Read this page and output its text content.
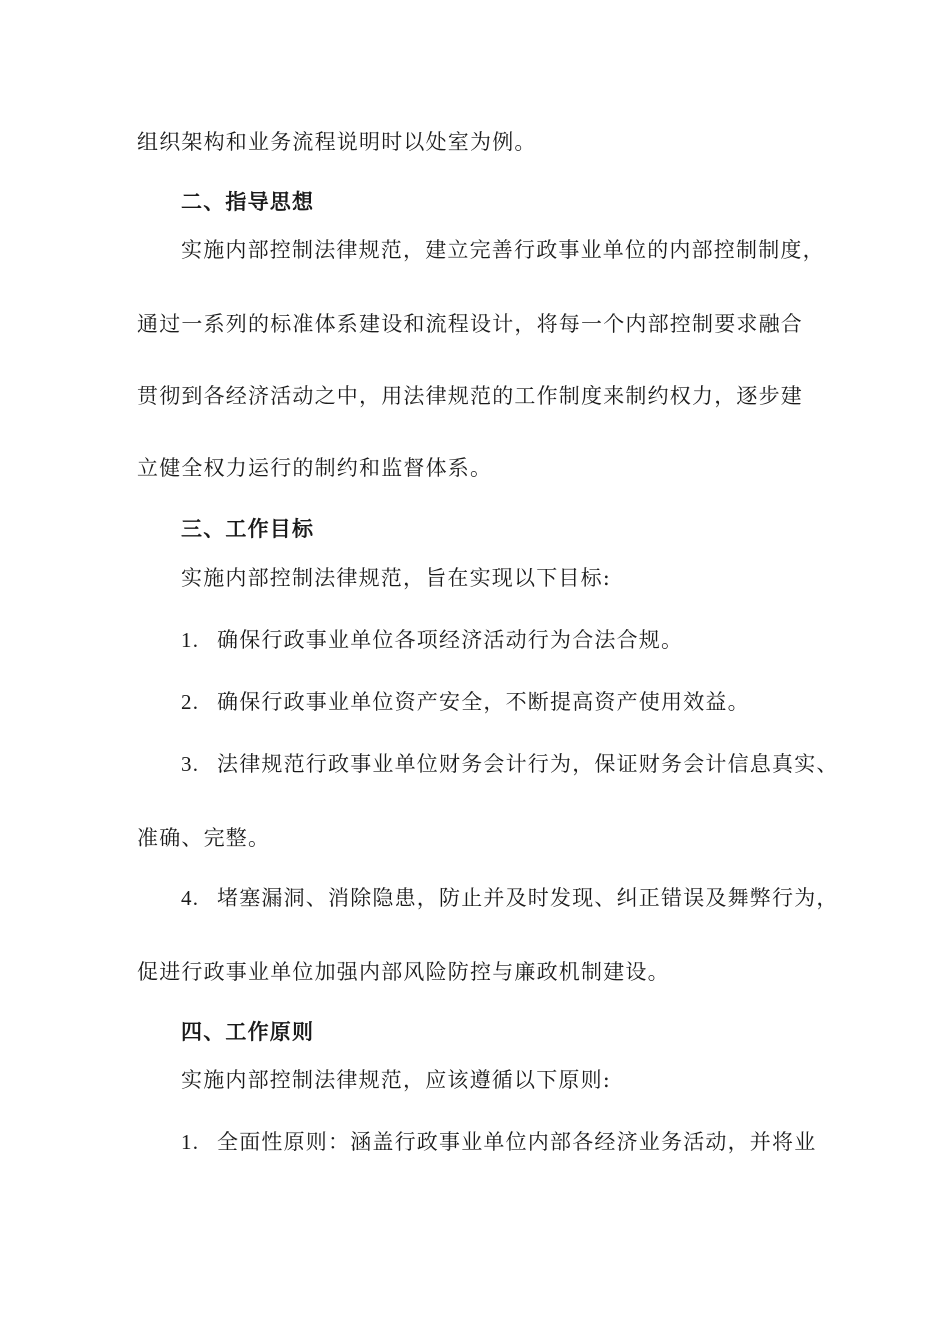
组织架构和业务流程说明时以处室为例。
二、指导思想
实施内部控制法律规范，建立完善行政事业单位的内部控制制度，
通过一系列的标准体系建设和流程设计，将每一个内部控制要求融合
贯彻到各经济活动之中，用法律规范的工作制度来制约权力，逐步建
立健全权力运行的制约和监督体系。
三、工作目标
实施内部控制法律规范，旨在实现以下目标:
1. 确保行政事业单位各项经济活动行为合法合规。
2. 确保行政事业单位资产安全，不断提高资产使用效益。
3. 法律规范行政事业单位财务会计行为，保证财务会计信息真实、
准确、完整。
4. 堵塞漏洞、消除隐患，防止并及时发现、纠正错误及舞弊行为，
促进行政事业单位加强内部风险防控与廉政机制建设。
四、工作原则
实施内部控制法律规范，应该遵循以下原则:
1. 全面性原则：涵盖行政事业单位内部各经济业务活动，并将业
